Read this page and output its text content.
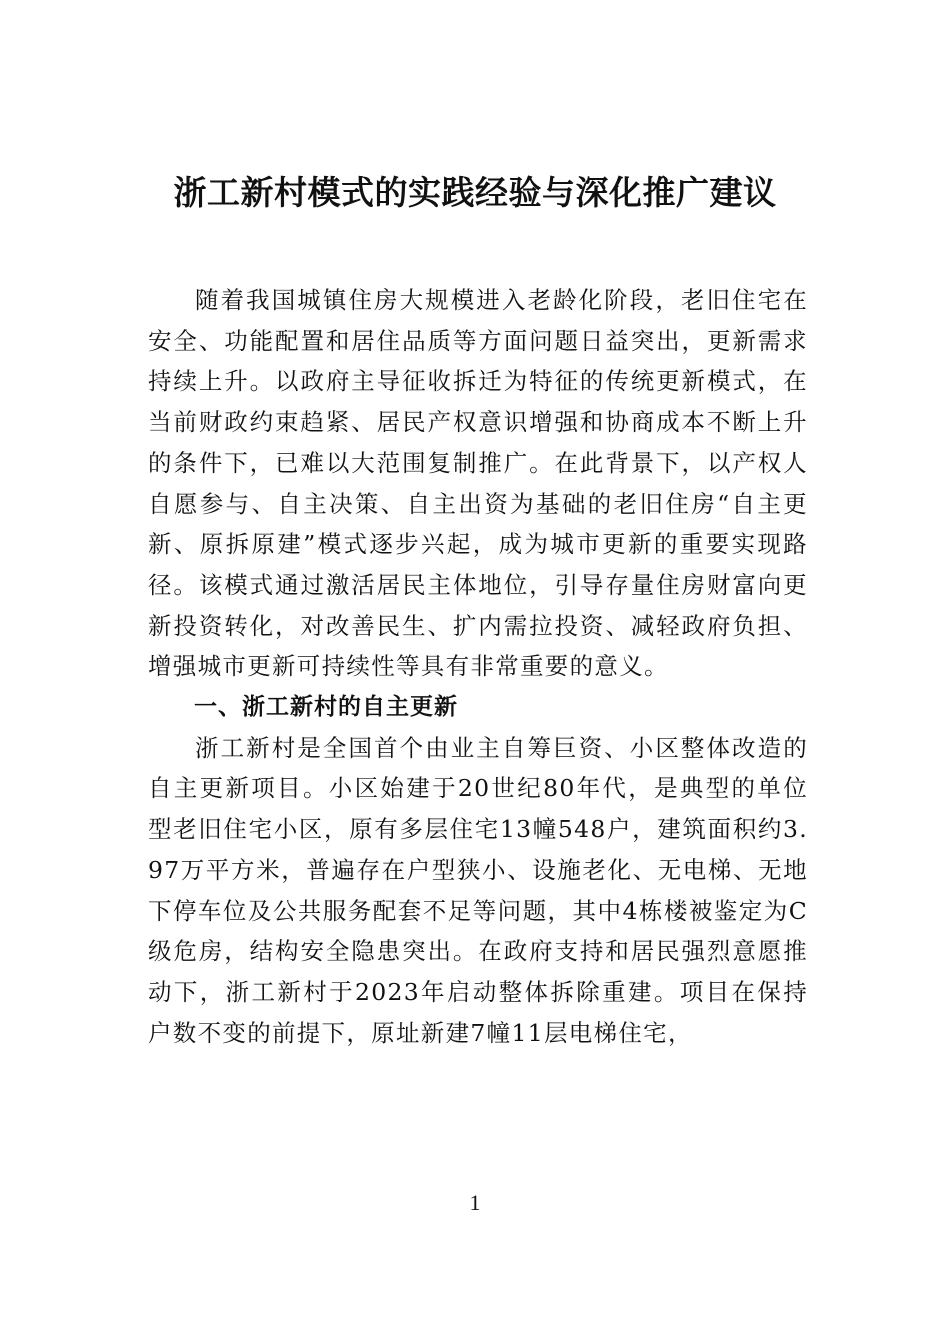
浙工新村模式的实践经验与深化推广建议

随着我国城镇住房大规模进入老龄化阶段，老旧住宅在安全、功能配置和居住品质等方面问题日益突出，更新需求持续上升。以政府主导征收拆迁为特征的传统更新模式，在当前财政约束趋紧、居民产权意识增强和协商成本不断上升的条件下，已难以大范围复制推广。在此背景下，以产权人自愿参与、自主决策、自主出资为基础的老旧住房“自主更新、原拆原建”模式逐步兴起，成为城市更新的重要实现路径。该模式通过激活居民主体地位，引导存量住房财富向更新投资转化，对改善民生、扩内需拉投资、减轻政府负担、增强城市更新可持续性等具有非常重要的意义。

一、浙工新村的自主更新

浙工新村是全国首个由业主自筹巨资、小区整体改造的自主更新项目。小区始建于20世纪80年代，是典型的单位型老旧住宅小区，原有多层住宅13幢548户，建筑面积约3.97万平方米，普遍存在户型狭小、设施老化、无电梯、无地下停车位及公共服务配套不足等问题，其中4栋楼被鉴定为C级危房，结构安全隐患突出。在政府支持和居民强烈意愿推动下，浙工新村于2023年启动整体拆除重建。项目在保持户数不变的前提下，原址新建7幢11层电梯住宅，

1
